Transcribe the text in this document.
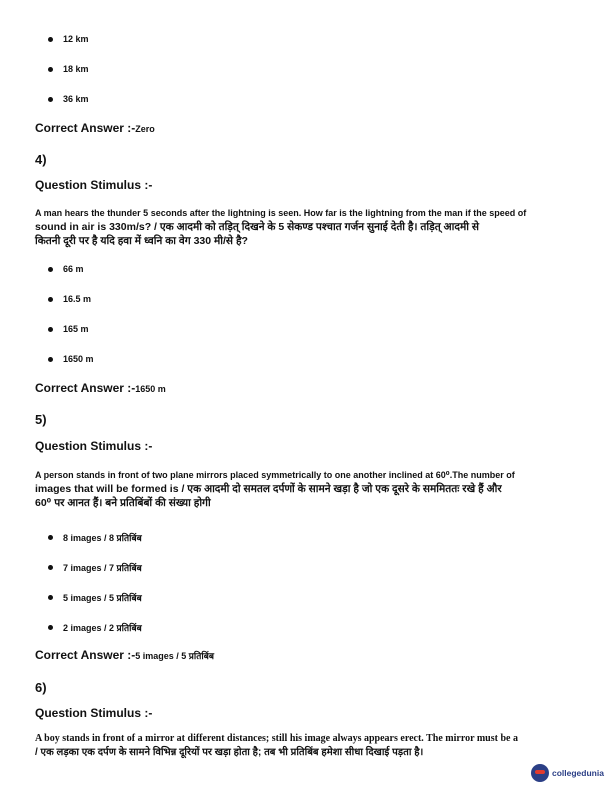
12 km
18 km
36 km
Correct Answer :-Zero
4)
Question Stimulus :-
A man hears the thunder 5 seconds after the lightning is seen. How far is the lightning from the man if the speed of
sound in air is 330m/s? / एक आदमी को तड़ित् दिखने के 5 सेकण्ड पश्चात गर्जन सुनाई देती है। तड़ित् आदमी से
कितनी दूरी पर है यदि हवा में ध्वनि का वेग 330 मी/से है?
66 m
16.5 m
165 m
1650 m
Correct Answer :-1650 m
5)
Question Stimulus :-
A person stands in front of two plane mirrors placed symmetrically to one another inclined at 60⁰.The number of
images that will be formed is / एक आदमी दो समतल दर्पणों के सामने खड़ा है जो एक दूसरे के सममिततः रखे हैं और
60⁰ पर आनत हैं। बने प्रतिबिंबों की संख्या होगी
8 images / 8 प्रतिबिंब
7 images / 7 प्रतिबिंब
5 images / 5 प्रतिबिंब
2 images / 2 प्रतिबिंब
Correct Answer :-5 images / 5 प्रतिबिंब
6)
Question Stimulus :-
A boy stands in front of a mirror at different distances; still his image always appears erect. The mirror must be a
/ एक लड़का एक दर्पण के सामने विभिन्न दूरियों पर खड़ा होता है; तब भी प्रतिबिंब हमेशा सीधा दिखाई पड़ता है।
collegedunia
